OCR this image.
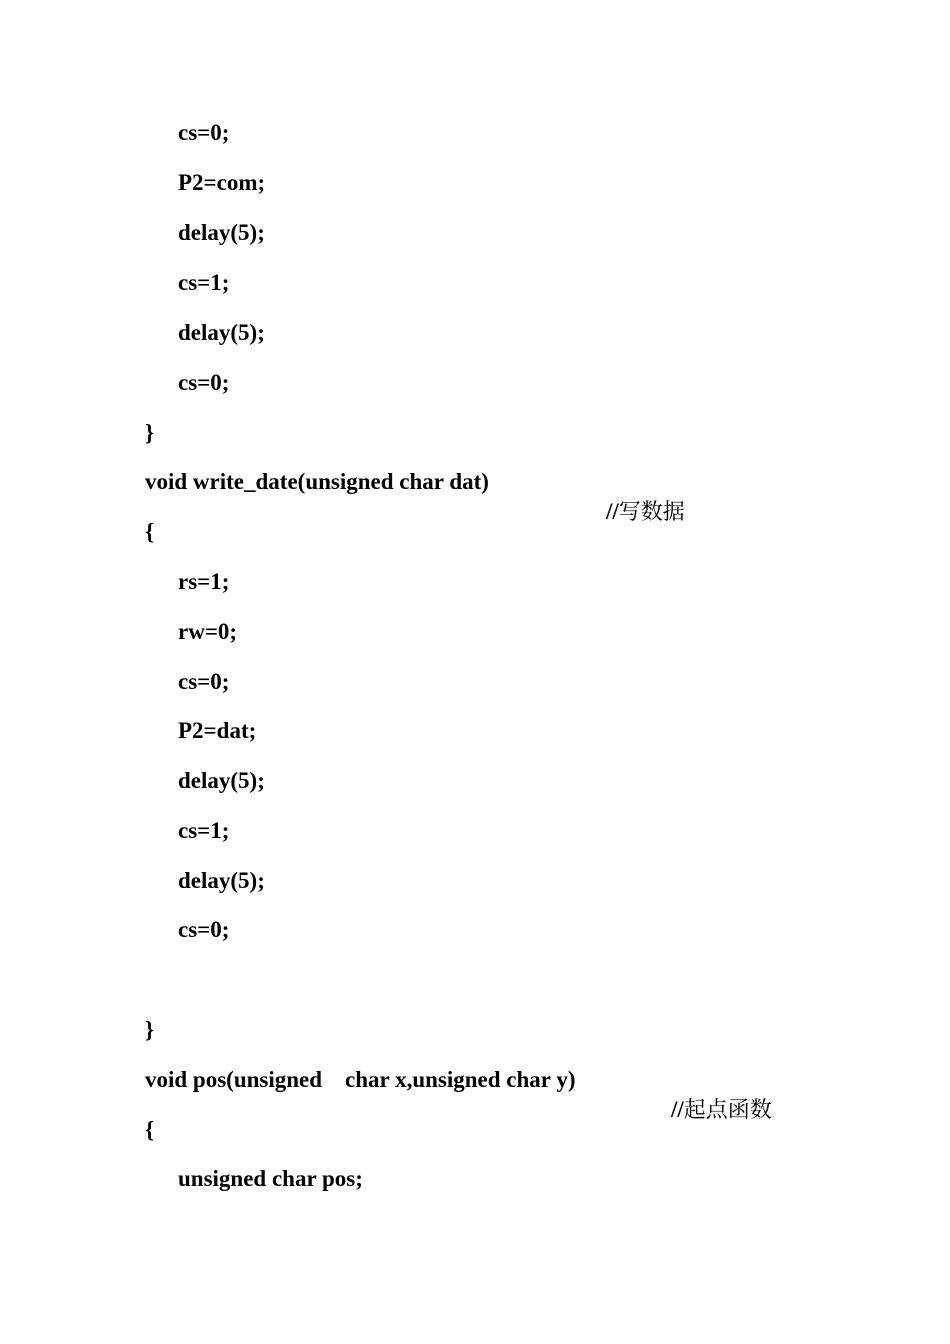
cs=0;
P2=com;
delay(5);
cs=1;
delay(5);
cs=0;
}
void write_date(unsigned char dat)

//写数据

{
rs=1;
rw=0;
cs=0;
P2=dat;
delay(5);
cs=1;
delay(5);
cs=0;
}
void pos(unsigned    char x,unsigned char y)

//起点函数

{
unsigned char pos;
